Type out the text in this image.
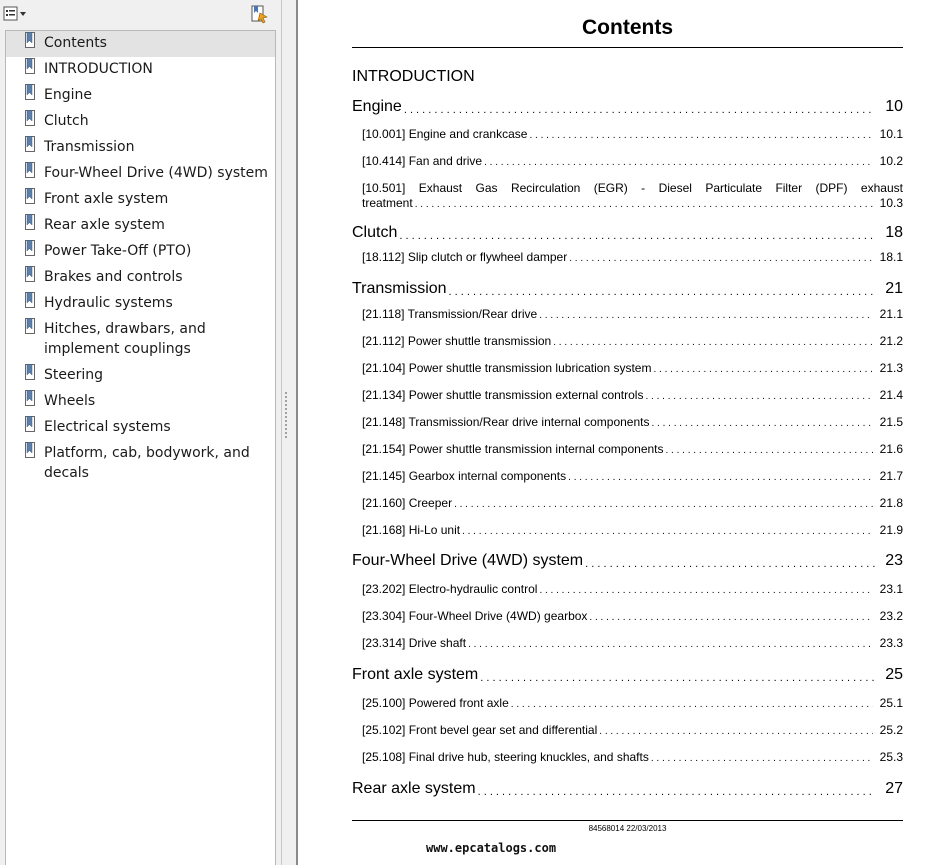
Contents
INTRODUCTION
Engine
Clutch
Transmission
Four-Wheel Drive (4WD) system
Front axle system
Rear axle system
Power Take-Off (PTO)
Brakes and controls
Hydraulic systems
Hitches, drawbars, and implement couplings
Steering
Wheels
Electrical systems
Platform, cab, bodywork, and decals
Contents
INTRODUCTION
Engine . . .	10
[10.001] Engine and crankcase . . .	10.1
[10.414] Fan and drive . . .	10.2
[10.501] Exhaust Gas Recirculation (EGR) - Diesel Particulate Filter (DPF) exhaust
treatment . . .	10.3
Clutch . . .	18
[18.112] Slip clutch or flywheel damper . . .	18.1
Transmission . . .	21
[21.118] Transmission/Rear drive . . .	21.1
[21.112] Power shuttle transmission . . .	21.2
[21.104] Power shuttle transmission lubrication system . . .	21.3
[21.134] Power shuttle transmission external controls . . .	21.4
[21.148] Transmission/Rear drive internal components . . .	21.5
[21.154] Power shuttle transmission internal components . . .	21.6
[21.145] Gearbox internal components . . .	21.7
[21.160] Creeper . . .	21.8
[21.168] Hi-Lo unit . . .	21.9
Four-Wheel Drive (4WD) system . . .	23
[23.202] Electro-hydraulic control . . .	23.1
[23.304] Four-Wheel Drive (4WD) gearbox . . .	23.2
[23.314] Drive shaft . . .	23.3
Front axle system . . .	25
[25.100] Powered front axle . . .	25.1
[25.102] Front bevel gear set and differential . . .	25.2
[25.108] Final drive hub, steering knuckles, and shafts . . .	25.3
Rear axle system . . .	27
84568014 22/03/2013
www.epcatalogs.com
